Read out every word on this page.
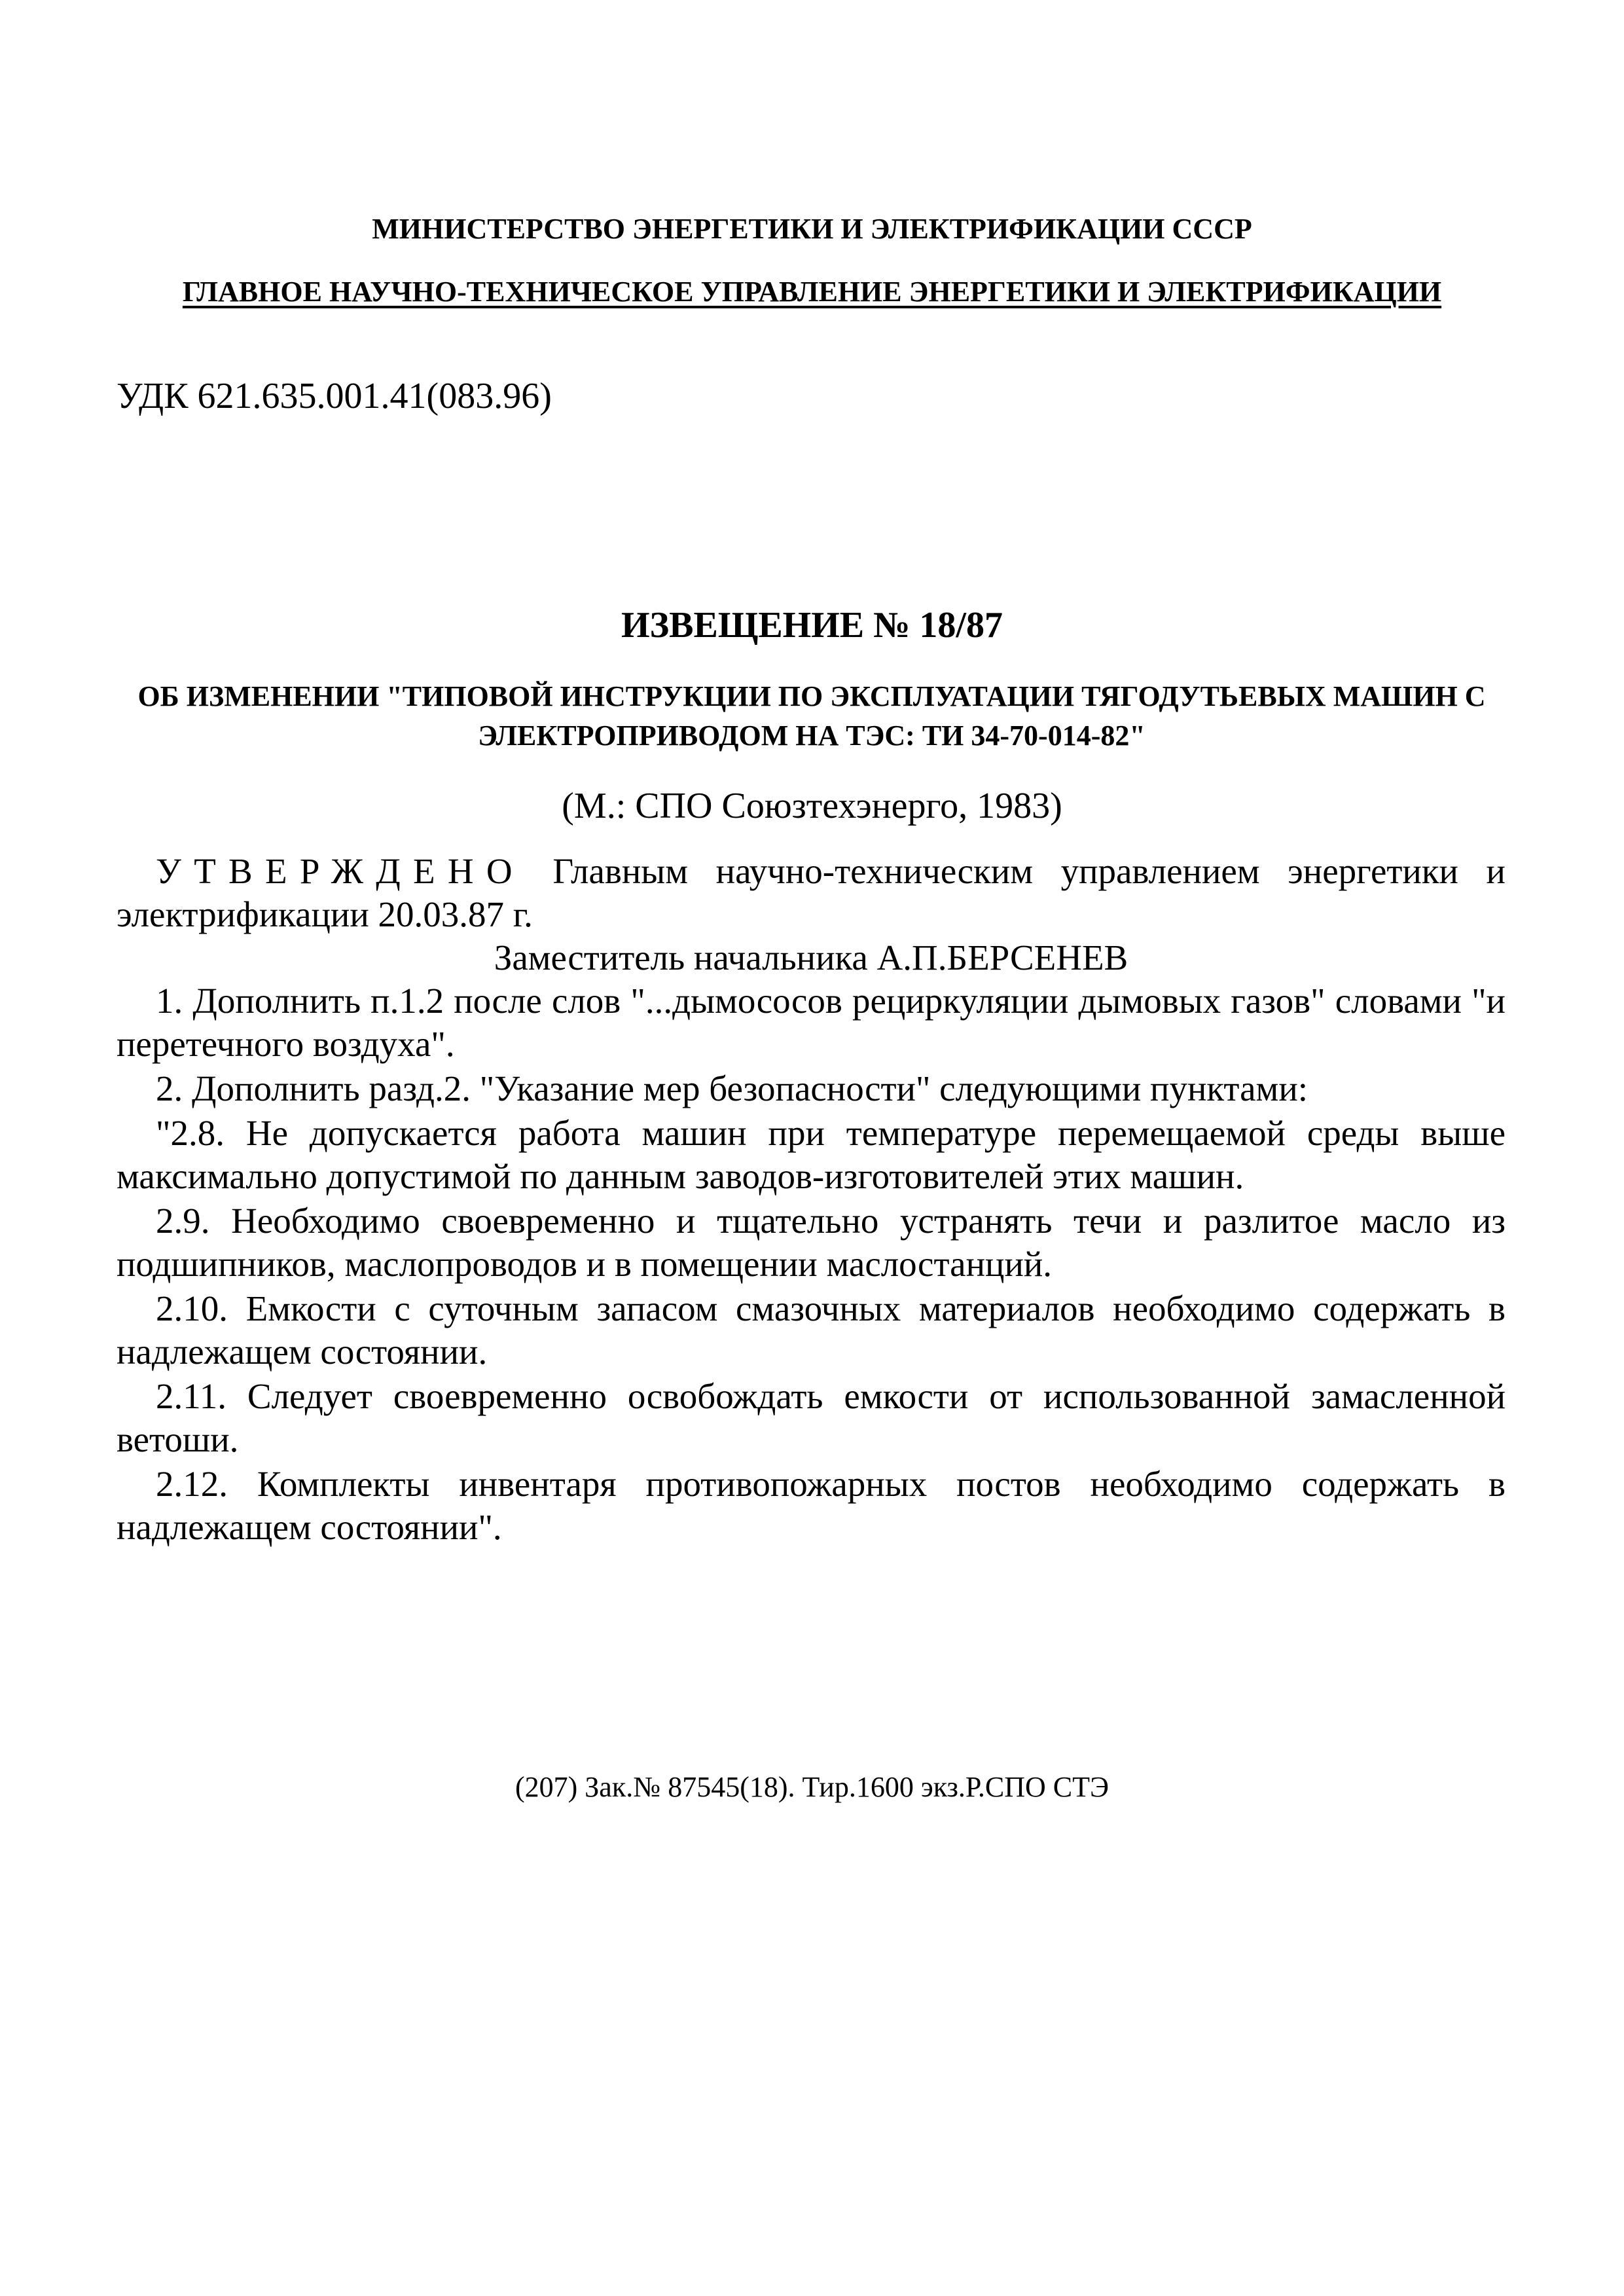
МИНИСТЕРСТВО ЭНЕРГЕТИКИ И ЭЛЕКТРИФИКАЦИИ СССР

ГЛАВНОЕ НАУЧНО-ТЕХНИЧЕСКОЕ УПРАВЛЕНИЕ ЭНЕРГЕТИКИ И ЭЛЕКТРИФИКАЦИИ

УДК 621.635.001.41(083.96)

ИЗВЕЩЕНИЕ № 18/87

ОБ ИЗМЕНЕНИИ "ТИПОВОЙ ИНСТРУКЦИИ ПО ЭКСПЛУАТАЦИИ ТЯГОДУТЬЕВЫХ МАШИН С ЭЛЕКТРОПРИВОДОМ НА ТЭС: ТИ 34-70-014-82"

(М.: СПО Союзтехэнерго, 1983)

УТВЕРЖДЕНО Главным научно-техническим управлением энергетики и электрификации 20.03.87 г.

Заместитель начальника А.П.БЕРСЕНЕВ

1. Дополнить п.1.2 после слов "...дымососов рециркуляции дымовых газов" словами "и перетечного воздуха".

2. Дополнить разд.2. "Указание мер безопасности" следующими пунктами:

"2.8. Не допускается работа машин при температуре перемещаемой среды выше максимально допустимой по данным заводов-изготовителей этих машин.

2.9. Необходимо своевременно и тщательно устранять течи и разлитое масло из подшипников, маслопроводов и в помещении маслостанций.

2.10. Емкости с суточным запасом смазочных материалов необходимо содержать в надлежащем состоянии.

2.11. Следует своевременно освобождать емкости от использованной замасленной ветоши.

2.12. Комплекты инвентаря противопожарных постов необходимо содержать в надлежащем состоянии".

(207) Зак.№ 87545(18). Тир.1600 экз.Р.СПО СТЭ
